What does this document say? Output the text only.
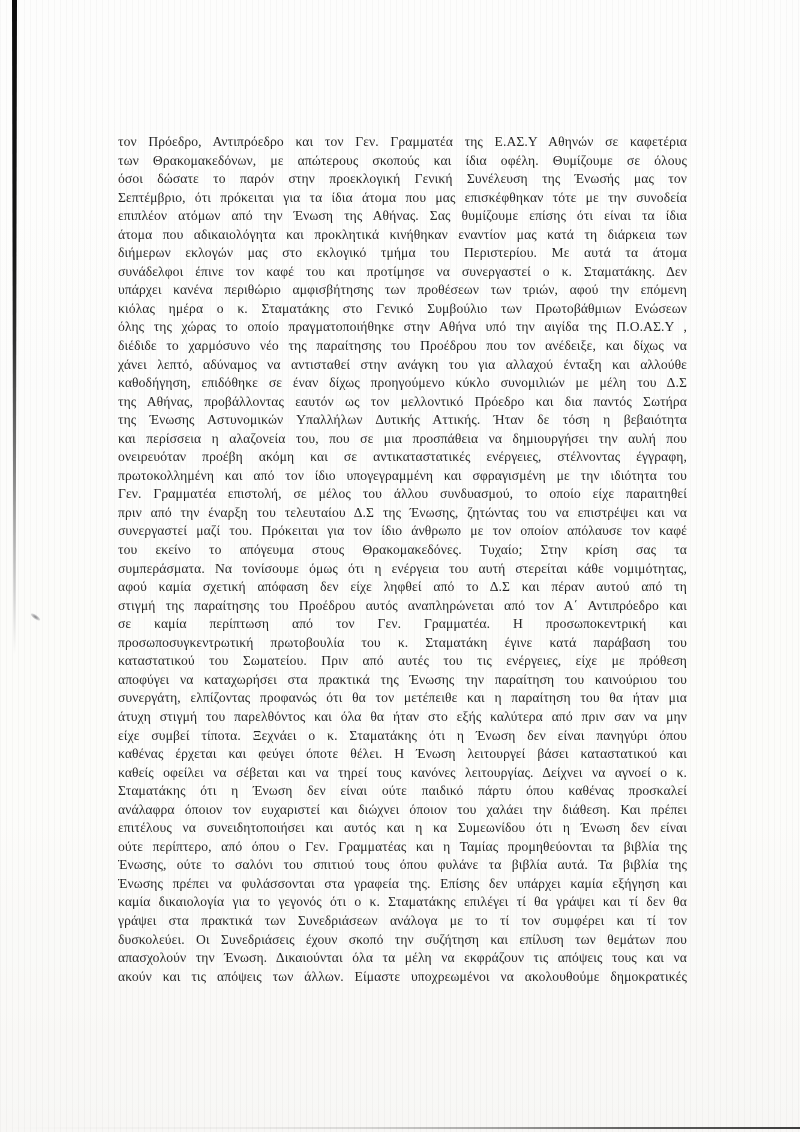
τον Πρόεδρο, Αντιπρόεδρο και τον Γεν. Γραμματέα της Ε.ΑΣ.Υ Αθηνών σε καφετέρια
των Θρακομακεδόνων, με απώτερους σκοπούς και ίδια οφέλη. Θυμίζουμε σε όλους
όσοι δώσατε το παρόν στην προεκλογική Γενική Συνέλευση της Ένωσής μας τον
Σεπτέμβριο, ότι πρόκειται για τα ίδια άτομα που μας επισκέφθηκαν τότε με την συνοδεία
επιπλέον ατόμων από την Ένωση της Αθήνας. Σας θυμίζουμε επίσης ότι είναι τα ίδια
άτομα που αδικαιολόγητα και προκλητικά κινήθηκαν εναντίον μας κατά τη διάρκεια των
διήμερων εκλογών μας στο εκλογικό τμήμα του Περιστερίου. Με αυτά τα άτομα
συνάδελφοι έπινε τον καφέ του και προτίμησε να συνεργαστεί ο κ. Σταματάκης. Δεν
υπάρχει κανένα περιθώριο αμφισβήτησης των προθέσεων των τριών, αφού την επόμενη
κιόλας ημέρα ο κ. Σταματάκης στο Γενικό Συμβούλιο των Πρωτοβάθμιων Ενώσεων
όλης της χώρας το οποίο πραγματοποιήθηκε στην Αθήνα υπό την αιγίδα της Π.Ο.ΑΣ.Υ ,
διέδιδε το χαρμόσυνο νέο της παραίτησης του Προέδρου που τον ανέδειξε, και δίχως να
χάνει λεπτό, αδύναμος να αντισταθεί στην ανάγκη του για αλλαχού ένταξη και αλλούθε
καθοδήγηση, επιδόθηκε σε έναν δίχως προηγούμενο κύκλο συνομιλιών με μέλη του Δ.Σ
της Αθήνας, προβάλλοντας εαυτόν ως τον μελλοντικό Πρόεδρο και δια παντός Σωτήρα
της Ένωσης Αστυνομικών Υπαλλήλων Δυτικής Αττικής. Ήταν δε τόση η βεβαιότητα
και περίσσεια η αλαζονεία του, που σε μια προσπάθεια να δημιουργήσει την αυλή που
ονειρευόταν προέβη ακόμη και σε αντικαταστατικές ενέργειες, στέλνοντας έγγραφη,
πρωτοκολλημένη και από τον ίδιο υπογεγραμμένη και σφραγισμένη με την ιδιότητα του
Γεν. Γραμματέα επιστολή, σε μέλος του άλλου συνδυασμού, το οποίο είχε παραιτηθεί
πριν από την έναρξη του τελευταίου Δ.Σ της Ένωσης, ζητώντας του να επιστρέψει και να
συνεργαστεί μαζί του. Πρόκειται για τον ίδιο άνθρωπο με τον οποίον απόλαυσε τον καφέ
του εκείνο το απόγευμα στους Θρακομακεδόνες. Τυχαίο; Στην κρίση σας τα
συμπεράσματα. Να τονίσουμε όμως ότι η ενέργεια του αυτή στερείται κάθε νομιμότητας,
αφού καμία σχετική απόφαση δεν είχε ληφθεί από το Δ.Σ και πέραν αυτού από τη
στιγμή της παραίτησης του Προέδρου αυτός αναπληρώνεται από τον Α΄ Αντιπρόεδρο και
σε καμία περίπτωση από τον Γεν. Γραμματέα. Η προσωποκεντρική και
προσωποσυγκεντρωτική πρωτοβουλία του κ. Σταματάκη έγινε κατά παράβαση του
καταστατικού του Σωματείου. Πριν από αυτές του τις ενέργειες, είχε με πρόθεση
αποφύγει να καταχωρήσει στα πρακτικά της Ένωσης την παραίτηση του καινούριου του
συνεργάτη, ελπίζοντας προφανώς ότι θα τον μετέπειθε και η παραίτηση του θα ήταν μια
άτυχη στιγμή του παρελθόντος και όλα θα ήταν στο εξής καλύτερα από πριν σαν να μην
είχε συμβεί τίποτα. Ξεχνάει ο κ. Σταματάκης ότι η Ένωση δεν είναι πανηγύρι όπου
καθένας έρχεται και φεύγει όποτε θέλει. Η Ένωση λειτουργεί βάσει καταστατικού και
καθείς οφείλει να σέβεται και να τηρεί τους κανόνες λειτουργίας. Δείχνει να αγνοεί ο κ.
Σταματάκης ότι η Ένωση δεν είναι ούτε παιδικό πάρτυ όπου καθένας προσκαλεί
ανάλαφρα όποιον τον ευχαριστεί και διώχνει όποιον του χαλάει την διάθεση. Και πρέπει
επιτέλους να συνειδητοποιήσει και αυτός και η κα Συμεωνίδου ότι η Ένωση δεν είναι
ούτε περίπτερο, από όπου ο Γεν. Γραμματέας και η Ταμίας προμηθεύονται τα βιβλία της
Ένωσης, ούτε το σαλόνι του σπιτιού τους όπου φυλάνε τα βιβλία αυτά. Τα βιβλία της
Ένωσης πρέπει να φυλάσσονται στα γραφεία της. Επίσης δεν υπάρχει καμία εξήγηση και
καμία δικαιολογία για το γεγονός ότι ο κ. Σταματάκης επιλέγει τί θα γράψει και τί δεν θα
γράψει στα πρακτικά των Συνεδριάσεων ανάλογα με το τί τον συμφέρει και τί τον
δυσκολεύει. Οι Συνεδριάσεις έχουν σκοπό την συζήτηση και επίλυση των θεμάτων που
απασχολούν την Ένωση. Δικαιούνται όλα τα μέλη να εκφράζουν τις απόψεις τους και να
ακούν και τις απόψεις των άλλων. Είμαστε υποχρεωμένοι να ακολουθούμε δημοκρατικές
